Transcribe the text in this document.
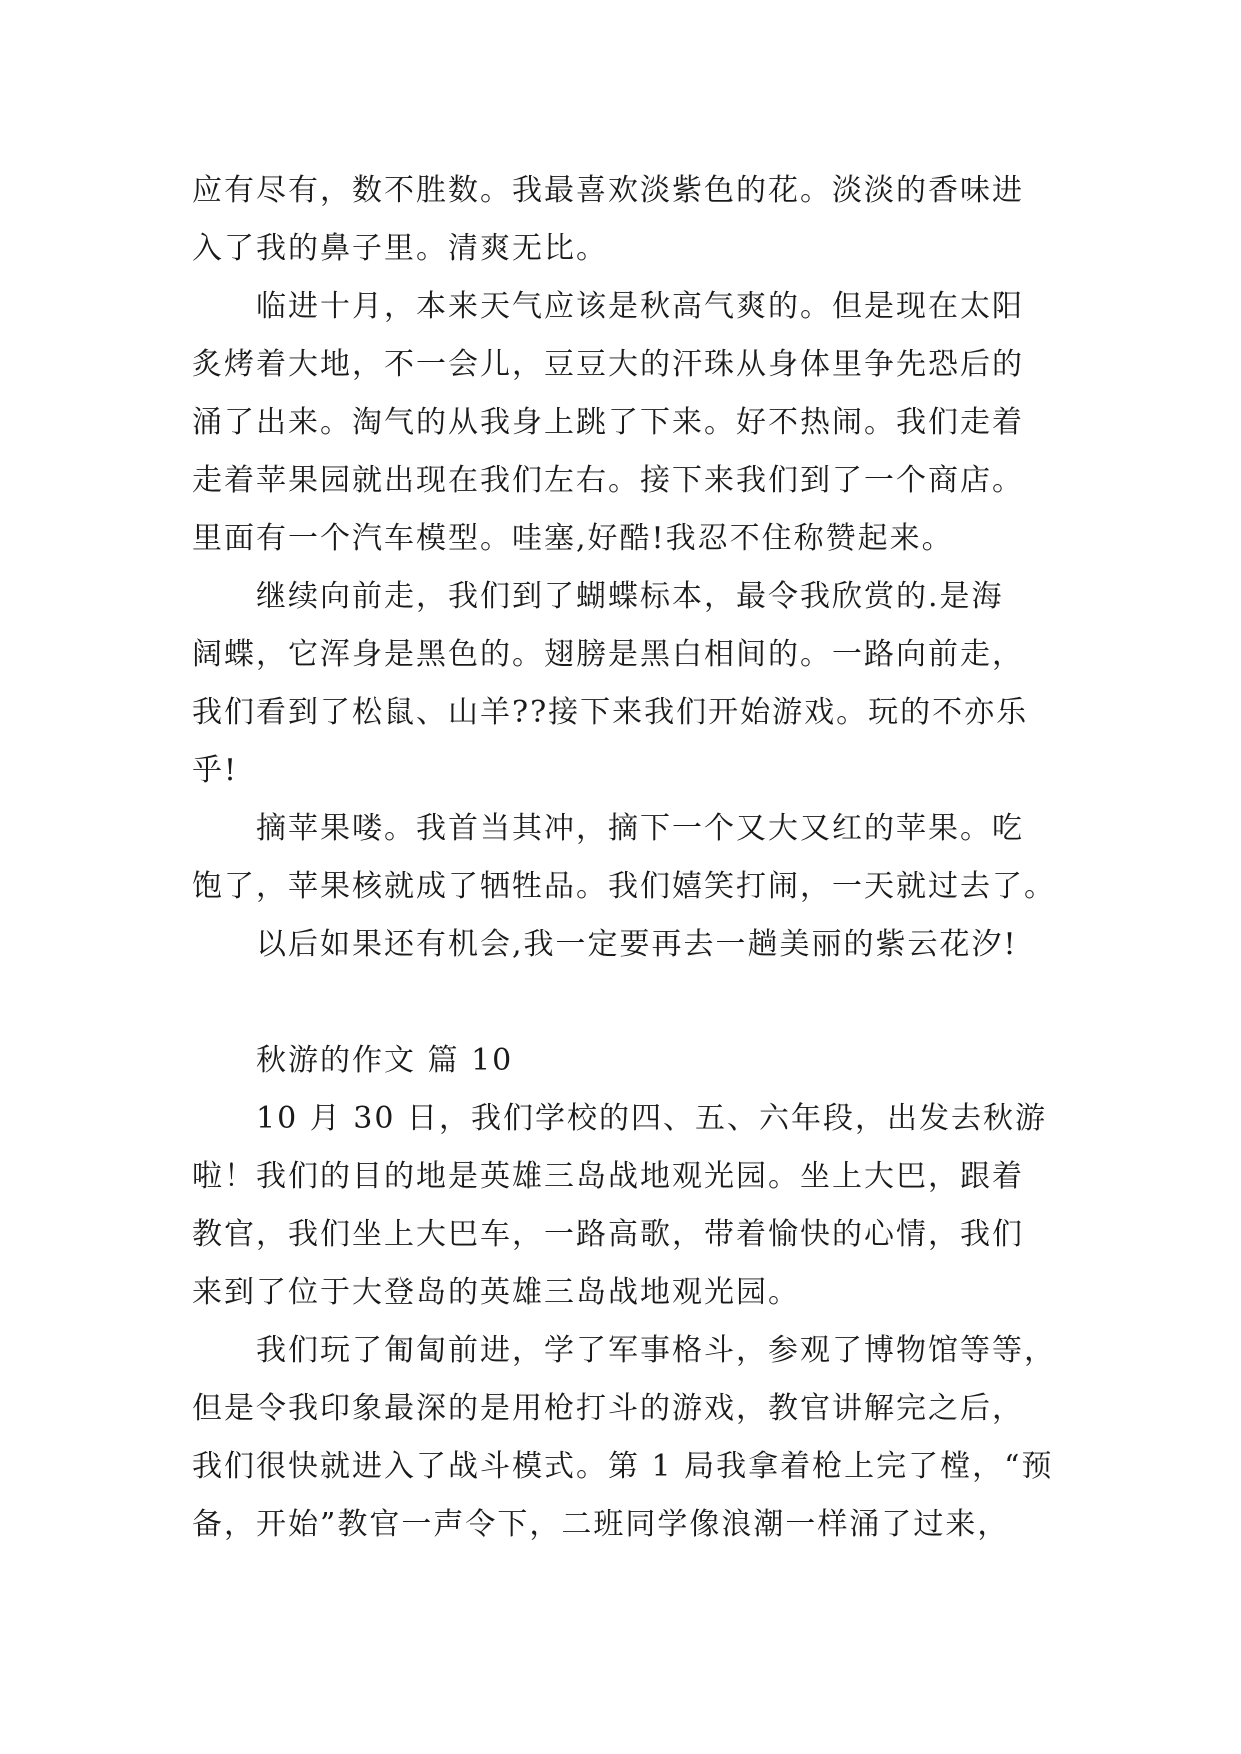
应有尽有，数不胜数。我最喜欢淡紫色的花。淡淡的香味进
入了我的鼻子里。清爽无比。
临进十月，本来天气应该是秋高气爽的。但是现在太阳
炙烤着大地，不一会儿，豆豆大的汗珠从身体里争先恐后的
涌了出来。淘气的从我身上跳了下来。好不热闹。我们走着
走着苹果园就出现在我们左右。接下来我们到了一个商店。
里面有一个汽车模型。哇塞,好酷!我忍不住称赞起来。
继续向前走，我们到了蝴蝶标本，最令我欣赏的.是海
阔蝶，它浑身是黑色的。翅膀是黑白相间的。一路向前走，
我们看到了松鼠、山羊??接下来我们开始游戏。玩的不亦乐
乎!
摘苹果喽。我首当其冲，摘下一个又大又红的苹果。吃
饱了，苹果核就成了牺牲品。我们嬉笑打闹，一天就过去了。
以后如果还有机会,我一定要再去一趟美丽的紫云花汐!
秋游的作文 篇 10
10 月 30 日，我们学校的四、五、六年段，出发去秋游
啦！我们的目的地是英雄三岛战地观光园。坐上大巴，跟着
教官，我们坐上大巴车，一路高歌，带着愉快的心情，我们
来到了位于大登岛的英雄三岛战地观光园。
我们玩了匍匐前进，学了军事格斗，参观了博物馆等等，
但是令我印象最深的是用枪打斗的游戏，教官讲解完之后，
我们很快就进入了战斗模式。第 1 局我拿着枪上完了樘，“预
备，开始”教官一声令下，二班同学像浪潮一样涌了过来，
